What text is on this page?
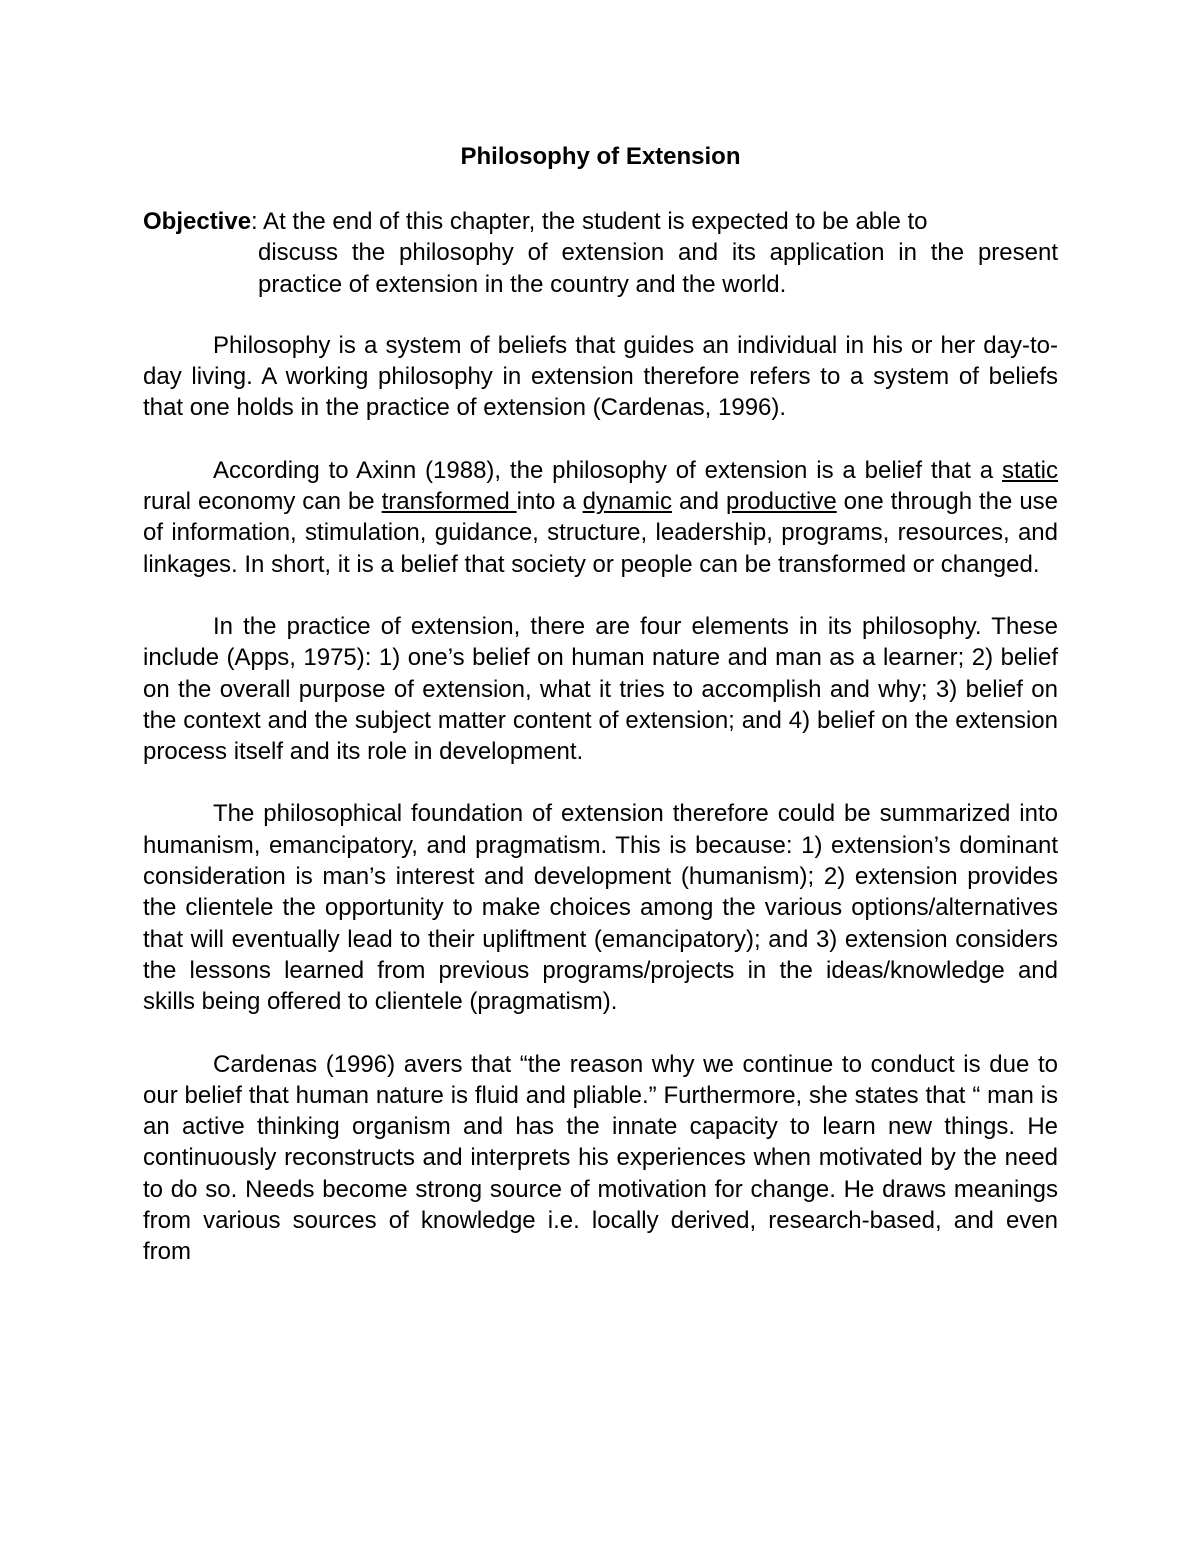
Philosophy of Extension
Objective: At the end of this chapter, the student is expected to be able to
discuss the philosophy of extension and its application in the present practice of extension in the country and the world.

Philosophy is a system of beliefs that guides an individual in his or her day-to-day living. A working philosophy in extension therefore refers to a system of beliefs that one holds in the practice of extension (Cardenas, 1996).

According to Axinn (1988), the philosophy of extension is a belief that a static rural economy can be transformed into a dynamic and productive one through the use of information, stimulation, guidance, structure, leadership, programs, resources, and linkages. In short, it is a belief that society or people can be transformed or changed.

In the practice of extension, there are four elements in its philosophy. These include (Apps, 1975): 1) one’s belief on human nature and man as a learner; 2) belief on the overall purpose of extension, what it tries to accomplish and why; 3) belief on the context and the subject matter content of extension; and 4) belief on the extension process itself and its role in development.

The philosophical foundation of extension therefore could be summarized into humanism, emancipatory, and pragmatism. This is because: 1) extension’s dominant consideration is man’s interest and development (humanism); 2) extension provides the clientele the opportunity to make choices among the various options/alternatives that will eventually lead to their upliftment (emancipatory); and 3) extension considers the lessons learned from previous programs/projects in the ideas/knowledge and skills being offered to clientele (pragmatism).

Cardenas (1996) avers that “the reason why we continue to conduct is due to our belief that human nature is fluid and pliable.” Furthermore, she states that “ man is an active thinking organism and has the innate capacity to learn new things. He continuously reconstructs and interprets his experiences when motivated by the need to do so. Needs become strong source of motivation for change. He draws meanings from various sources of knowledge i.e. locally derived, research-based, and even from
